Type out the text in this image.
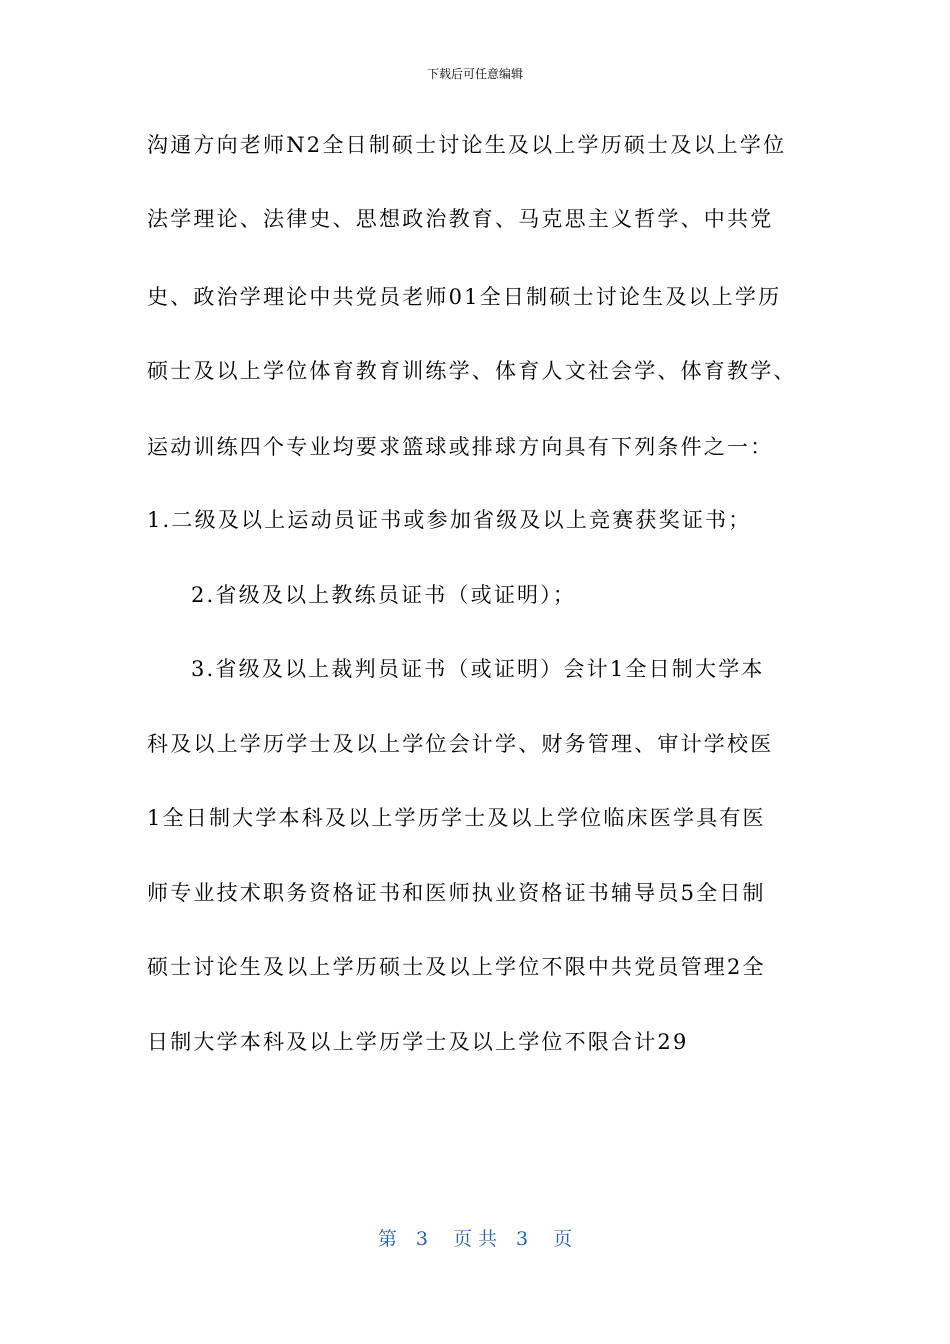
下载后可任意编辑
沟通方向老师N2全日制硕士讨论生及以上学历硕士及以上学位
法学理论、法律史、思想政治教育、马克思主义哲学、中共党
史、政治学理论中共党员老师01全日制硕士讨论生及以上学历
硕士及以上学位体育教育训练学、体育人文社会学、体育教学、
运动训练四个专业均要求篮球或排球方向具有下列条件之一：
1.二级及以上运动员证书或参加省级及以上竞赛获奖证书；
2.省级及以上教练员证书（或证明）；
3.省级及以上裁判员证书（或证明）会计1全日制大学本
科及以上学历学士及以上学位会计学、财务管理、审计学校医
1全日制大学本科及以上学历学士及以上学位临床医学具有医
师专业技术职务资格证书和医师执业资格证书辅导员5全日制
硕士讨论生及以上学历硕士及以上学位不限中共党员管理2全
日制大学本科及以上学历学士及以上学位不限合计29
第　3　 页 共　3　 页
